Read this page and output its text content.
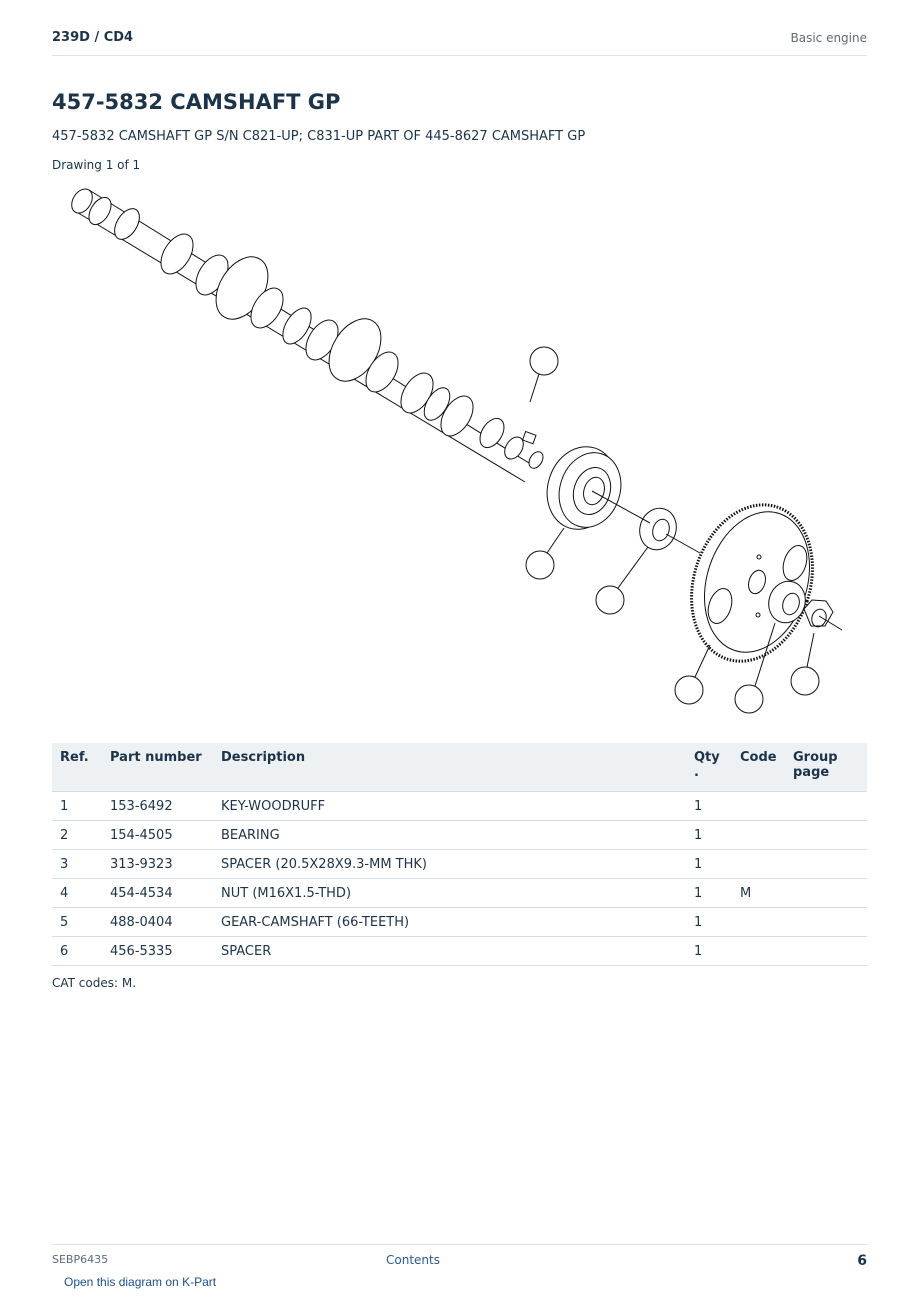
239D / CD4	Basic engine
457-5832 CAMSHAFT GP
457-5832 CAMSHAFT GP S/N C821-UP; C831-UP PART OF 445-8627 CAMSHAFT GP
Drawing 1 of 1
Ref.	Part number	Description	Qty .	Code	Group page
1	153-6492	KEY-WOODRUFF	1		
2	154-4505	BEARING	1		
3	313-9323	SPACER (20.5X28X9.3-MM THK)	1		
4	454-4534	NUT (M16X1.5-THD)	1	M	
5	488-0404	GEAR-CAMSHAFT (66-TEETH)	1		
6	456-5335	SPACER	1		
CAT codes: M.
SEBP6435	Contents	6
Open this diagram on K-Part
